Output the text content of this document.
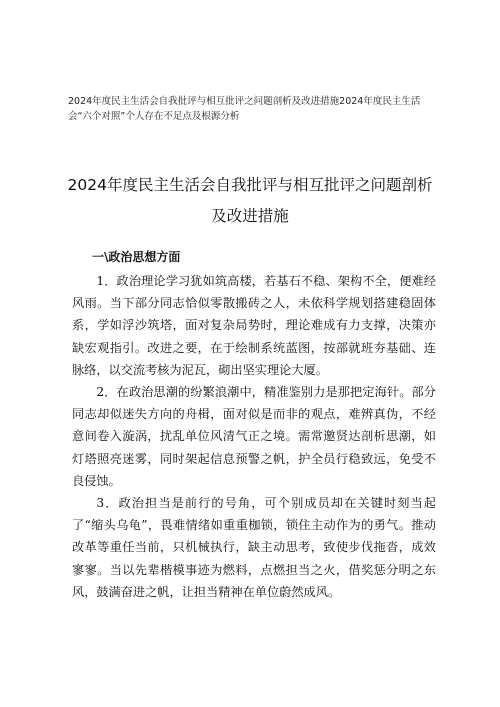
2024年度民主生活会自我批评与相互批评之问题剖析及改进措施2024年度民主生活会“六个对照”个人存在不足点及根源分析
2024年度民主生活会自我批评与相互批评之问题剖析及改进措施
一\政治思想方面

1．政治理论学习犹如筑高楼，若基石不稳、架构不全，便难经风雨。当下部分同志恰似零散搬砖之人，未依科学规划搭建稳固体系，学如浮沙筑塔，面对复杂局势时，理论难成有力支撑，决策亦缺宏观指引。改进之要，在于绘制系统蓝图，按部就班夯基础、连脉络，以交流考核为泥瓦，砌出坚实理论大厦。

2．在政治思潮的纷繁浪潮中，精准鉴别力是那把定海针。部分同志却似迷失方向的舟楫，面对似是而非的观点，难辨真伪，不经意间卷入漩涡，扰乱单位风清气正之境。需常邀贤达剖析思潮，如灯塔照亮迷雾，同时架起信息预警之帆，护全员行稳致远，免受不良侵蚀。

3．政治担当是前行的号角，可个别成员却在关键时刻当起了“缩头乌龟”，畏难情绪如重重枷锁，锁住主动作为的勇气。推动改革等重任当前，只机械执行，缺主动思考，致使步伐拖沓，成效寥寥。当以先辈楷模事迹为燃料，点燃担当之火，借奖惩分明之东风，鼓满奋进之帆，让担当精神在单位蔚然成风。
